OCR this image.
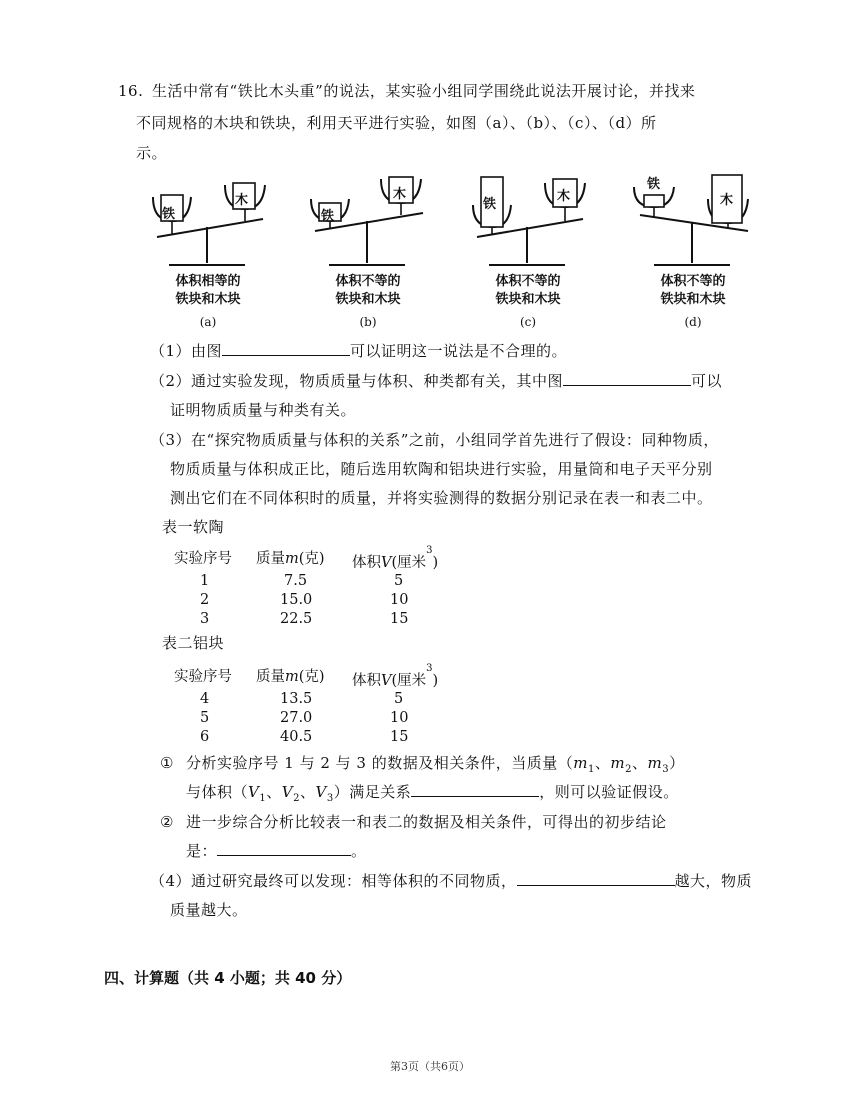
16. 生活中常有“铁比木头重”的说法，某实验小组同学围绕此说法开展讨论，并找来
不同规格的木块和铁块，利用天平进行实验，如图（a）、（b）、（c）、（d）所
示。
铁
木
体积相等的
铁块和木块
(a)
铁
木
体积不等的
铁块和木块
(b)
铁
木
体积不等的
铁块和木块
(c)
铁
木
体积不等的
铁块和木块
(d)
（1）由图	可以证明这一说法是不合理的。
（2）通过实验发现，物质质量与体积、种类都有关，其中图	可以
证明物质质量与种类有关。
（3）在“探究物质质量与体积的关系”之前，小组同学首先进行了假设：同种物质，
物质质量与体积成正比，随后选用软陶和铝块进行实验，用量筒和电子天平分别
测出它们在不同体积时的质量，并将实验测得的数据分别记录在表一和表二中。
表一软陶
实验序号 质量m(克) 体积V(厘米$^3$)
1	7.5	5
2	15.0	10
3	22.5	15
表二铝块
实验序号 质量m(克) 体积V(厘米$^3$)
4	13.5	5
5	27.0	10
6	40.5	15
① 分析实验序号 1 与 2 与 3 的数据及相关条件，当质量（$m_1$、$m_2$、$m_3$）
与体积（$V_1$、$V_2$、$V_3$）满足关系	，则可以验证假设。
② 进一步综合分析比较表一和表二的数据及相关条件，可得出的初步结论
是：	。
（4）通过研究最终可以发现：相等体积的不同物质，	越大，物质
质量越大。
四、计算题（共 4 小题；共 40 分）
第3页（共6页）
